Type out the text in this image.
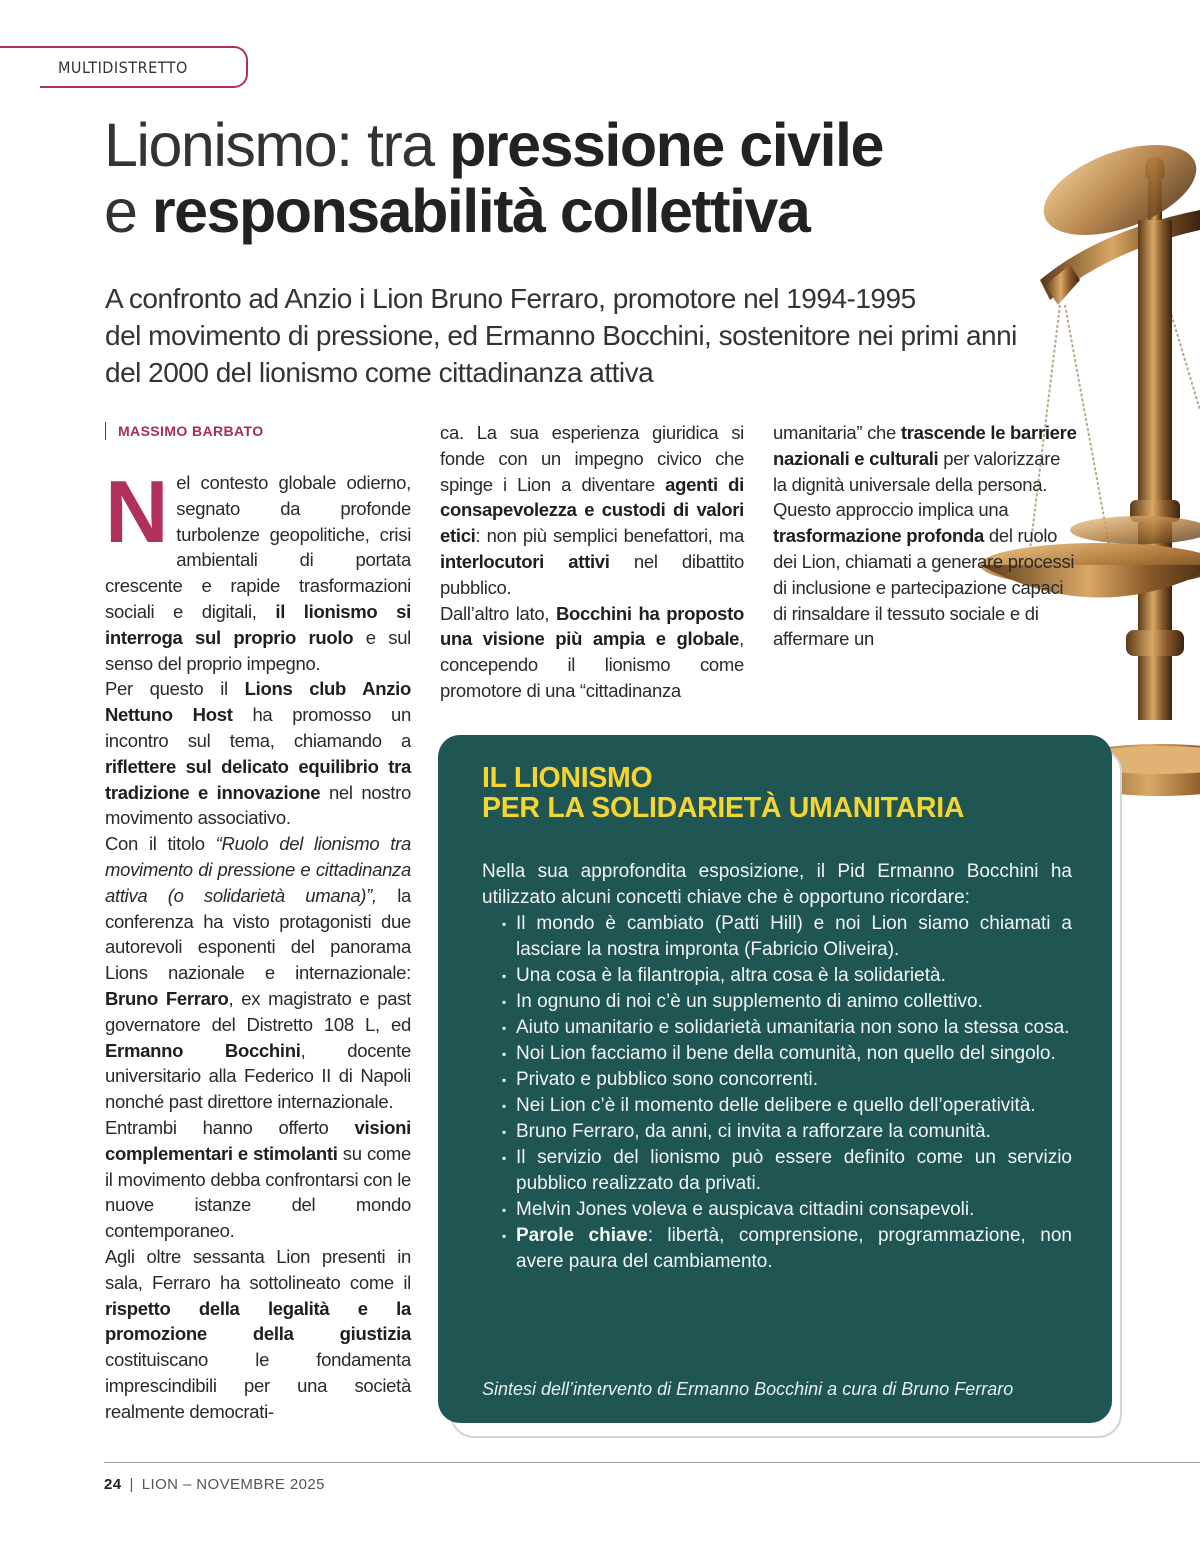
MULTIDISTRETTO
Lionismo: tra pressione civile
e responsabilità collettiva

A confronto ad Anzio i Lion Bruno Ferraro, promotore nel 1994-1995

del movimento di pressione, ed Ermanno Bocchini, sostenitore nei primi anni

del 2000 del lionismo come cittadinanza attiva

MASSIMO BARBATO

Nel contesto globale odierno, segnato da profonde turbolenze geopolitiche, crisi ambientali di portata crescente e rapide trasformazioni sociali e digitali, il lionismo si interroga sul proprio ruolo e sul senso del proprio impegno.

Per questo il Lions club Anzio Nettuno Host ha promosso un incontro sul tema, chiamando a riflettere sul delicato equilibrio tra tradizione e innovazione nel nostro movimento associativo.

Con il titolo “Ruolo del lionismo tra movimento di pressione e cittadinanza attiva (o solidarietà umana)”, la conferenza ha visto protagonisti due autorevoli esponenti del panorama Lions nazionale e internazionale: Bruno Ferraro, ex magistrato e past governatore del Distretto 108 L, ed Ermanno Bocchini, docente universitario alla Federico II di Napoli nonché past direttore internazionale.

Entrambi hanno offerto visioni complementari e stimolanti su come il movimento debba confrontarsi con le nuove istanze del mondo contemporaneo.

Agli oltre sessanta Lion presenti in sala, Ferraro ha sottolineato come il rispetto della legalità e la promozione della giustizia costituiscano le fondamenta imprescindibili per una società realmente democrati-

ca. La sua esperienza giuridica si fonde con un impegno civico che spinge i Lion a diventare agenti di consapevolezza e custodi di valori etici: non più semplici benefattori, ma interlocutori attivi nel dibattito pubblico.

Dall’altro lato, Bocchini ha proposto una visione più ampia e globale, concependo il lionismo come promotore di una “cittadinanza

umanitaria” che trascende le barriere nazionali e culturali per valorizzare la dignità universale della persona.

Questo approccio implica una trasformazione profonda del ruolo dei Lion, chiamati a generare processi di inclusione e partecipazione capaci di rinsaldare il tessuto sociale e di affermare un

IL LIONISMO
PER LA SOLIDARIETÀ UMANITARIA

Nella sua approfondita esposizione, il Pid Ermanno Bocchini ha utilizzato alcuni concetti chiave che è opportuno ricordare:

▪ Il mondo è cambiato (Patti Hill) e noi Lion siamo chiamati a lasciare la nostra impronta (Fabricio Oliveira).
▪ Una cosa è la filantropia, altra cosa è la solidarietà.
▪ In ognuno di noi c’è un supplemento di animo collettivo.
▪ Aiuto umanitario e solidarietà umanitaria non sono la stessa cosa.
▪ Noi Lion facciamo il bene della comunità, non quello del singolo.
▪ Privato e pubblico sono concorrenti.
▪ Nei Lion c’è il momento delle delibere e quello dell’operatività.
▪ Bruno Ferraro, da anni, ci invita a rafforzare la comunità.
▪ Il servizio del lionismo può essere definito come un servizio pubblico realizzato da privati.
▪ Melvin Jones voleva e auspicava cittadini consapevoli.
▪ Parole chiave: libertà, comprensione, programmazione, non avere paura del cambiamento.

Sintesi dell’intervento di Ermanno Bocchini a cura di Bruno Ferraro

24 | LION – NOVEMBRE 2025
